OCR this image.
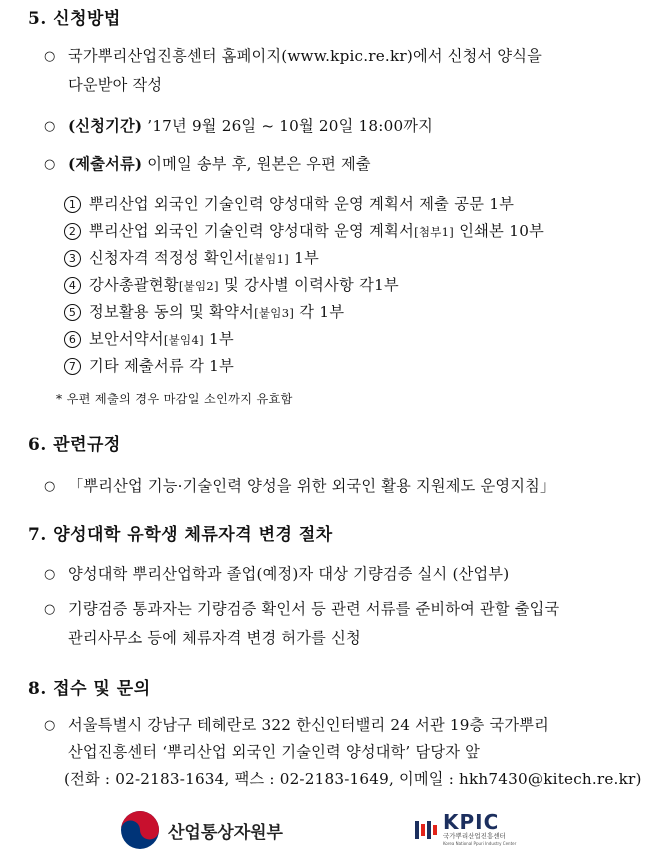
5. 신청방법
○ 국가뿌리산업진흥센터 홈페이지(www.kpic.re.kr)에서 신청서 양식을
다운받아 작성
○ (신청기간) ’17년 9월 26일 ~ 10월 20일 18:00까지
○ (제출서류) 이메일 송부 후, 원본은 우편 제출
1 뿌리산업 외국인 기술인력 양성대학 운영 계획서 제출 공문 1부
2 뿌리산업 외국인 기술인력 양성대학 운영 계획서[첨부1] 인쇄본 10부
3 신청자격 적정성 확인서[붙임1] 1부
4 강사총괄현황[붙임2] 및 강사별 이력사항 각1부
5 정보활용 동의 및 확약서[붙임3] 각 1부
6 보안서약서[붙임4] 1부
7 기타 제출서류 각 1부
* 우편 제출의 경우 마감일 소인까지 유효함
6. 관련규정
○ 「뿌리산업 기능·기술인력 양성을 위한 외국인 활용 지원제도 운영지침」
7. 양성대학 유학생 체류자격 변경 절차
○ 양성대학 뿌리산업학과 졸업(예정)자 대상 기량검증 실시 (산업부)
○ 기량검증 통과자는 기량검증 확인서 등 관련 서류를 준비하여 관할 출입국
관리사무소 등에 체류자격 변경 허가를 신청
8. 접수 및 문의
○ 서울특별시 강남구 테헤란로 322 한신인터밸리 24 서관 19층 국가뿌리
산업진흥센터 ‘뿌리산업 외국인 기술인력 양성대학’ 담당자 앞
(전화 : 02-2183-1634, 팩스 : 02-2183-1649, 이메일 : hkh7430@kitech.re.kr)
산업통상자원부	KPIC
국가뿌리산업진흥센터
Korea National Ppuri Industry Center
